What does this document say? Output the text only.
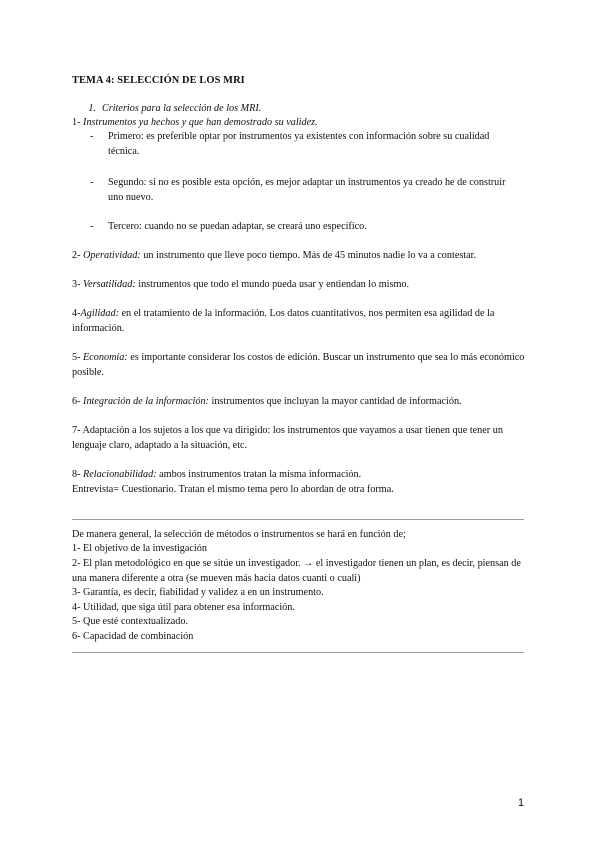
TEMA 4: SELECCIÓN DE LOS MRI
1. Criterios para la selección de los MRI.
1- Instrumentos ya hechos y que han demostrado su validez.
- Primero: es preferible optar por instrumentos ya existentes con información sobre su cualidad técnica.
- Segundo: si no es posible esta opción, es mejor adaptar un instrumentos ya creado he de construir uno nuevo.
- Tercero: cuando no se puedan adaptar, se creará uno específico.
2- Operatividad: un instrumento que lleve poco tiempo. Más de 45 minutos nadie lo va a contestar.
3- Versatilidad: instrumentos que todo el mundo pueda usar y entiendan lo mismo.
4-Agilidad: en el tratamiento de la información. Los datos cuantitativos, nos permiten esa agilidad de la información.
5- Economía: es importante considerar los costos de edición. Buscar un instrumento que sea lo más económico posible.
6- Integración de la información: instrumentos que incluyan la mayor cantidad de información.
7- Adaptación a los sujetos a los que va dirigido: los instrumentos que vayamos a usar tienen que tener un lenguaje claro, adaptado a la situación, etc.
8- Relacionabilidad: ambos instrumentos tratan la misma información.
Entrevista= Cuestionario. Tratan el mismo tema pero lo abordan de otra forma.
De manera general, la selección de métodos o instrumentos se hará en función de;
1- El objetivo de la investigación
2- El plan metodológico en que se sitúe un investigador. → el investigador tienen un plan, es decir, piensan de una manera diferente a otra (se mueven más hacia datos cuanti o cuali)
3- Garantía, es decir, fiabilidad y validez a en un instrumento.
4- Utilidad, que siga útil para obtener esa información.
5- Que esté contextualizado.
6- Capacidad de combinación
1
